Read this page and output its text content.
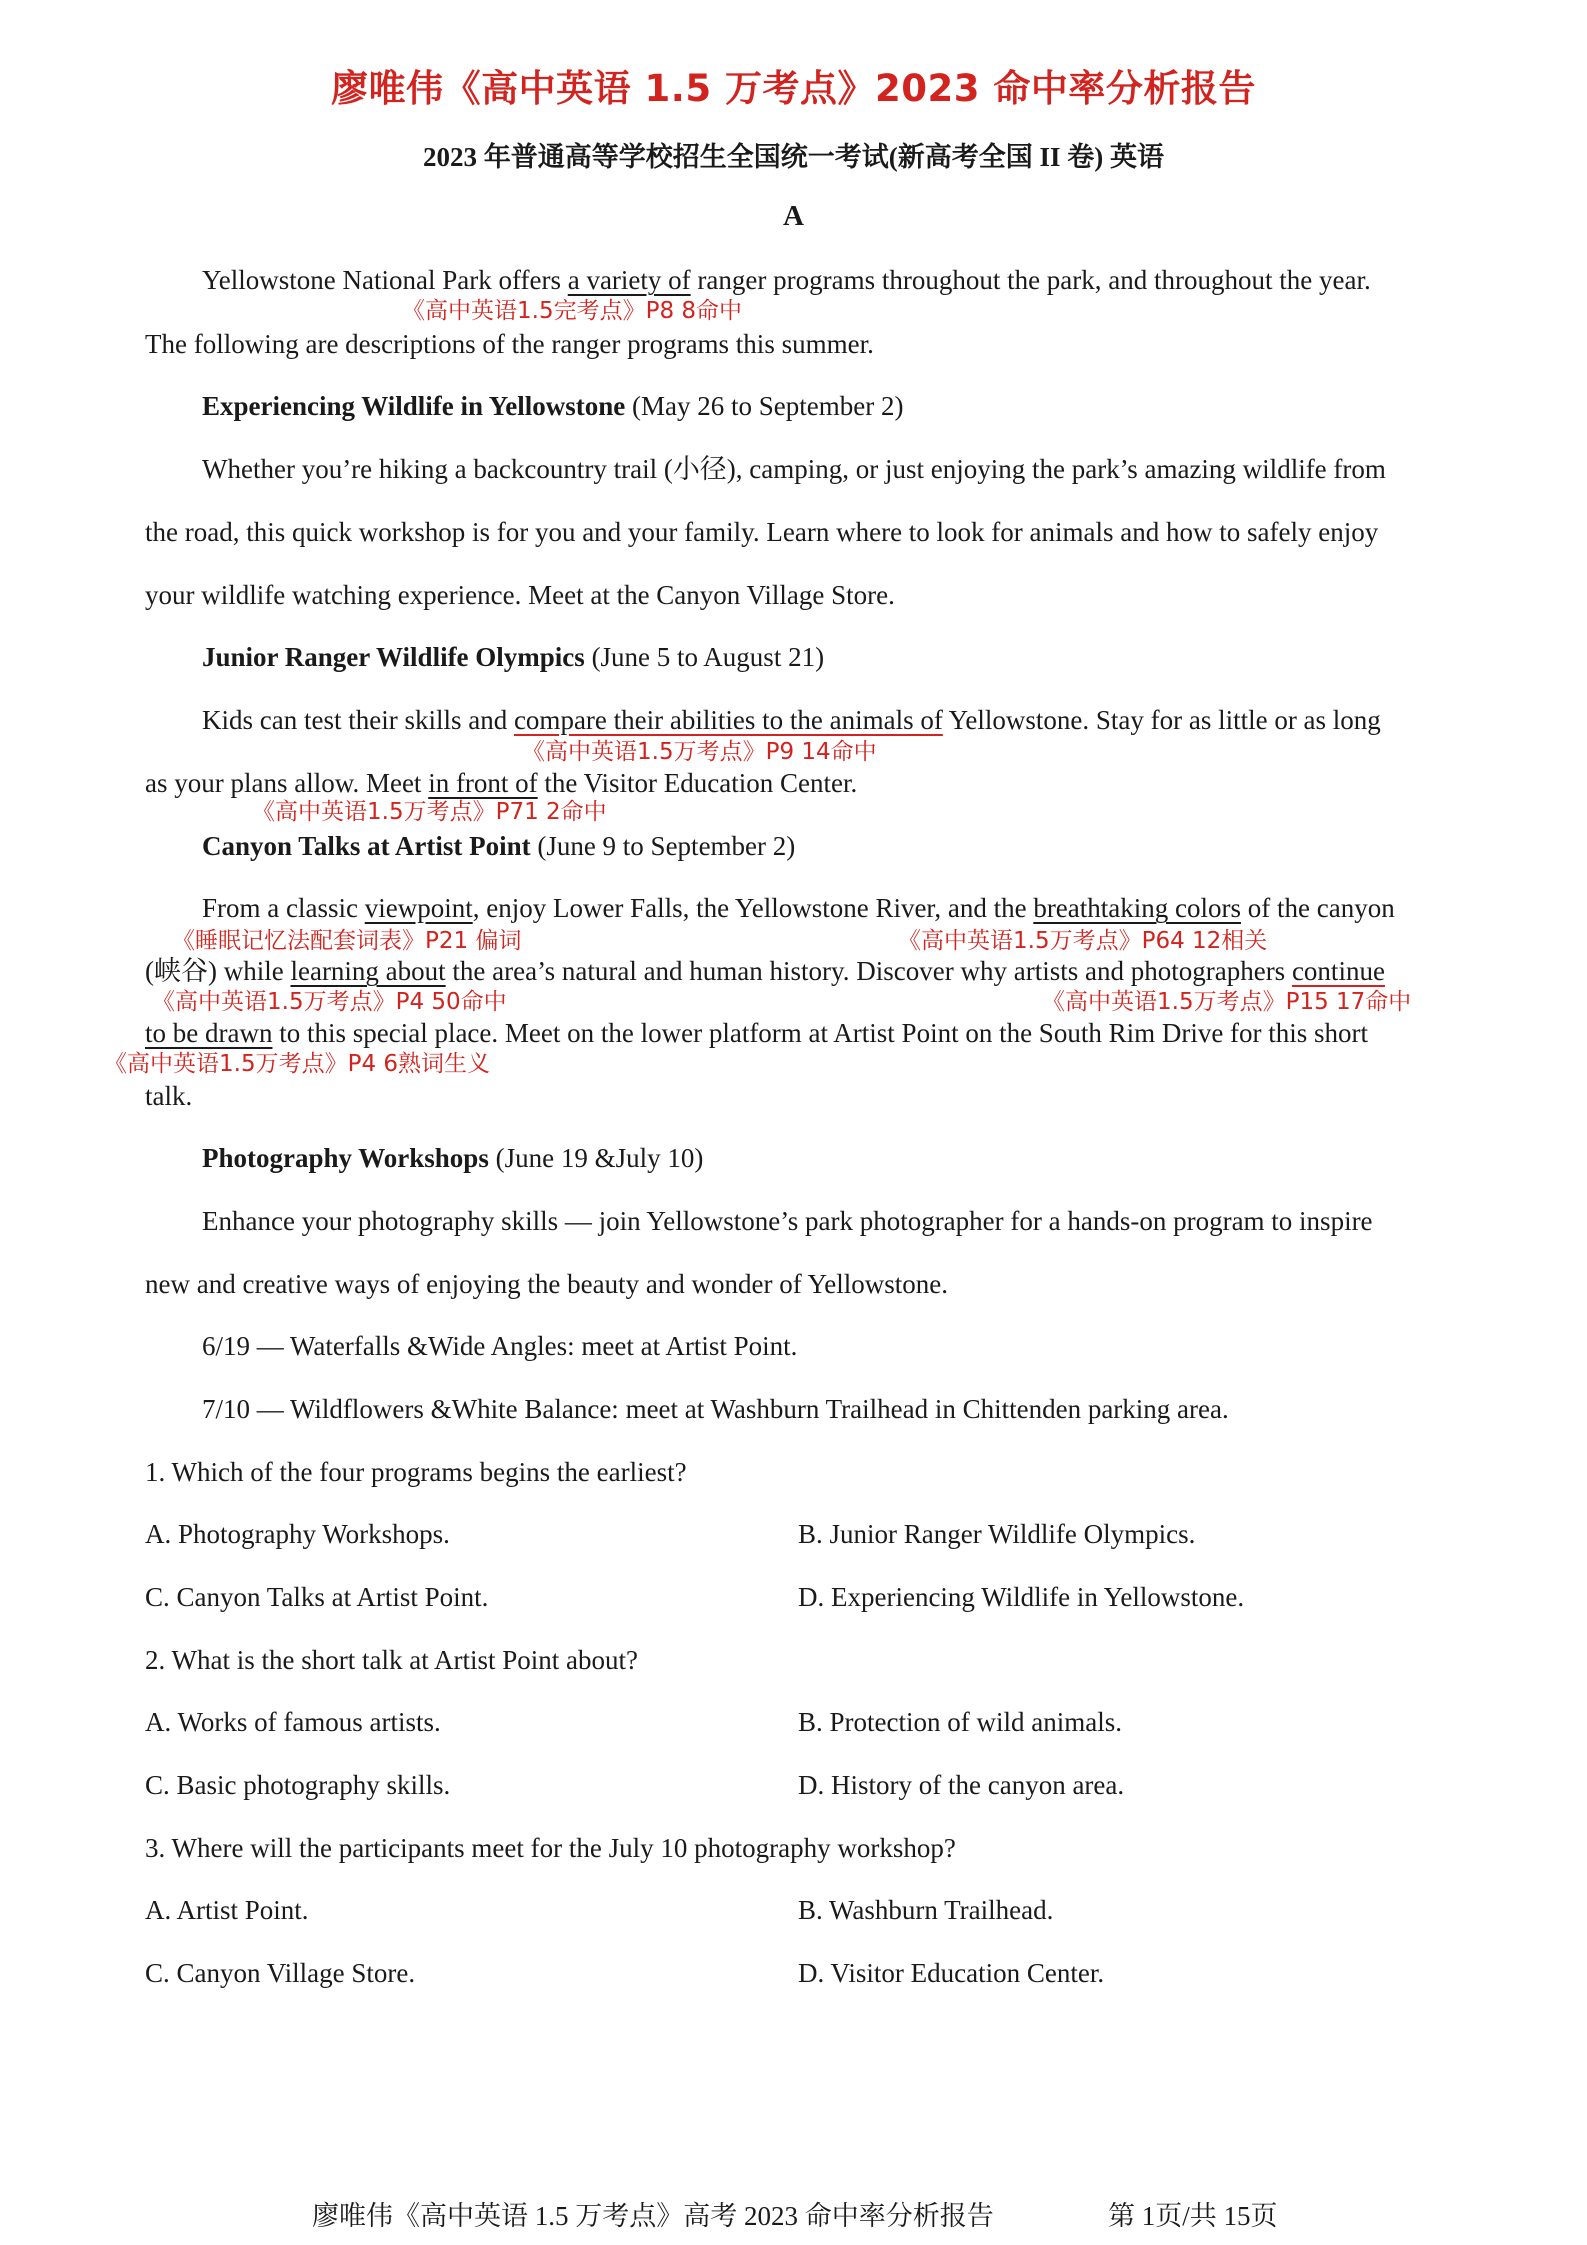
廖唯伟《高中英语 1.5 万考点》2023 命中率分析报告
2023 年普通高等学校招生全国统一考试(新高考全国 II 卷) 英语
A
Yellowstone National Park offers a variety of ranger programs throughout the park, and throughout the year.
《高中英语1.5完考点》P8 8命中
The following are descriptions of the ranger programs this summer.
Experiencing Wildlife in Yellowstone (May 26 to September 2)
Whether you’re hiking a backcountry trail (小径), camping, or just enjoying the park’s amazing wildlife from
the road, this quick workshop is for you and your family. Learn where to look for animals and how to safely enjoy
your wildlife watching experience. Meet at the Canyon Village Store.
Junior Ranger Wildlife Olympics (June 5 to August 21)
Kids can test their skills and compare their abilities to the animals of Yellowstone. Stay for as little or as long
《高中英语1.5万考点》P9 14命中
as your plans allow. Meet in front of the Visitor Education Center.
《高中英语1.5万考点》P71 2命中
Canyon Talks at Artist Point (June 9 to September 2)
From a classic viewpoint, enjoy Lower Falls, the Yellowstone River, and the breathtaking colors of the canyon
《睡眠记忆法配套词表》P21 偏词	《高中英语1.5万考点》P64 12相关
(峡谷) while learning about the area’s natural and human history. Discover why artists and photographers continue
《高中英语1.5万考点》P4 50命中	《高中英语1.5万考点》P15 17命中
to be drawn to this special place. Meet on the lower platform at Artist Point on the South Rim Drive for this short
《高中英语1.5万考点》P4 6熟词生义
talk.
Photography Workshops (June 19 &July 10)
Enhance your photography skills — join Yellowstone’s park photographer for a hands-on program to inspire
new and creative ways of enjoying the beauty and wonder of Yellowstone.
6/19 — Waterfalls &Wide Angles: meet at Artist Point.
7/10 — Wildflowers &White Balance: meet at Washburn Trailhead in Chittenden parking area.
1. Which of the four programs begins the earliest?
A. Photography Workshops.	B. Junior Ranger Wildlife Olympics.
C. Canyon Talks at Artist Point.	D. Experiencing Wildlife in Yellowstone.
2. What is the short talk at Artist Point about?
A. Works of famous artists.	B. Protection of wild animals.
C. Basic photography skills.	D. History of the canyon area.
3. Where will the participants meet for the July 10 photography workshop?
A. Artist Point.	B. Washburn Trailhead.
C. Canyon Village Store.	D. Visitor Education Center.
廖唯伟《高中英语 1.5 万考点》高考 2023 命中率分析报告	第 1页/共 15页
